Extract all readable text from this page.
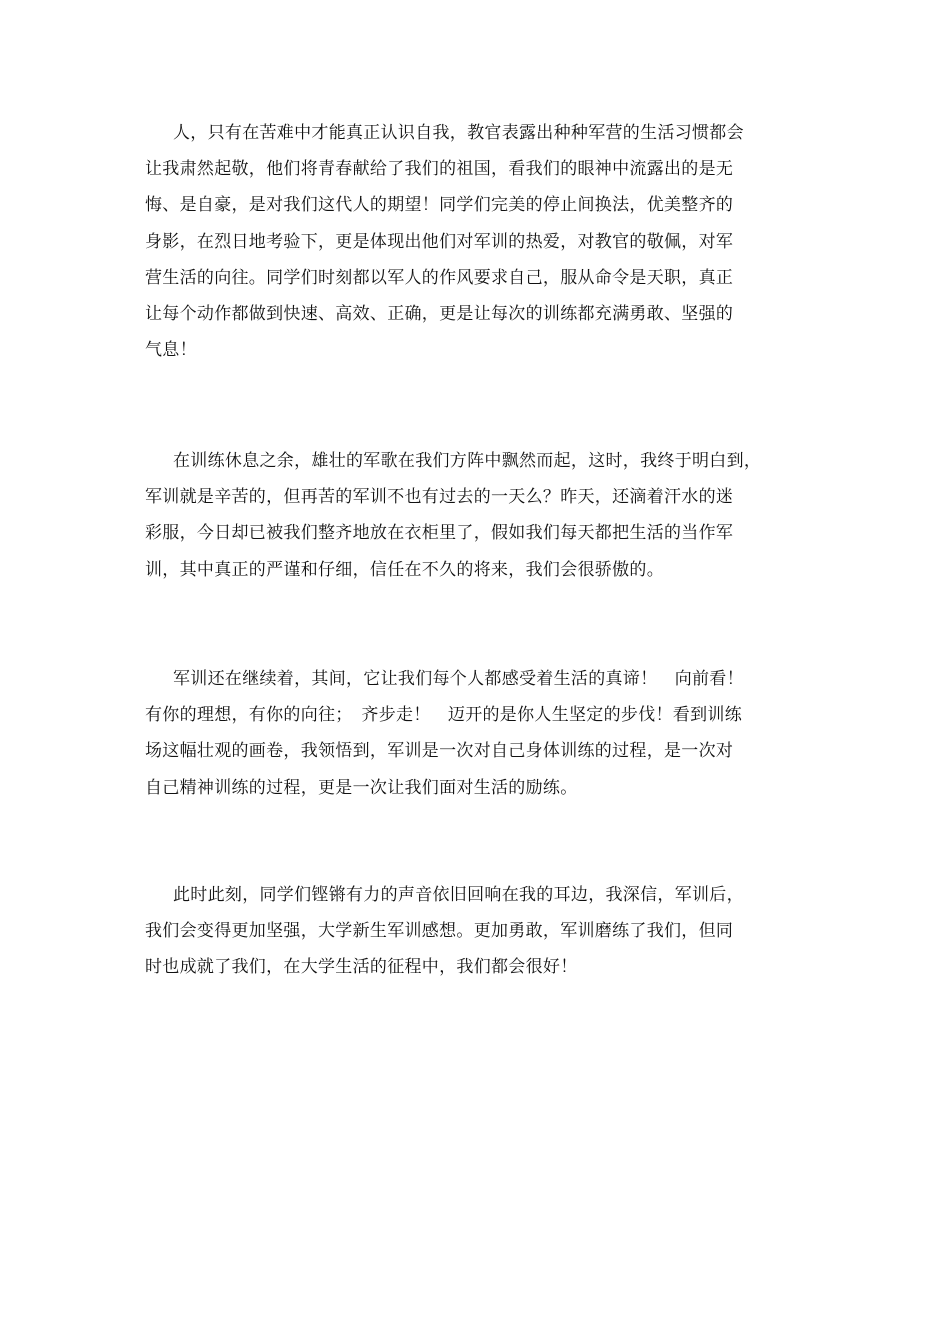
人，只有在苦难中才能真正认识自我，教官表露出种种军营的生活习惯都会
让我肃然起敬，他们将青春献给了我们的祖国，看我们的眼神中流露出的是无
悔、是自豪，是对我们这代人的期望！同学们完美的停止间换法，优美整齐的
身影，在烈日地考验下，更是体现出他们对军训的热爱，对教官的敬佩，对军
营生活的向往。同学们时刻都以军人的作风要求自己，服从命令是天职，真正
让每个动作都做到快速、高效、正确，更是让每次的训练都充满勇敢、坚强的
气息！

在训练休息之余，雄壮的军歌在我们方阵中飘然而起，这时，我终于明白到，
军训就是辛苦的，但再苦的军训不也有过去的一天么？昨天，还滴着汗水的迷
彩服，今日却已被我们整齐地放在衣柜里了，假如我们每天都把生活的当作军
训，其中真正的严谨和仔细，信任在不久的将来，我们会很骄傲的。

军训还在继续着，其间，它让我们每个人都感受着生活的真谛！　向前看！
有你的理想，有你的向往；　齐步走！　迈开的是你人生坚定的步伐！看到训练
场这幅壮观的画卷，我领悟到，军训是一次对自己身体训练的过程，是一次对
自己精神训练的过程，更是一次让我们面对生活的励练。

此时此刻，同学们铿锵有力的声音依旧回响在我的耳边，我深信，军训后，
我们会变得更加坚强，大学新生军训感想。更加勇敢，军训磨练了我们，但同
时也成就了我们，在大学生活的征程中，我们都会很好！
